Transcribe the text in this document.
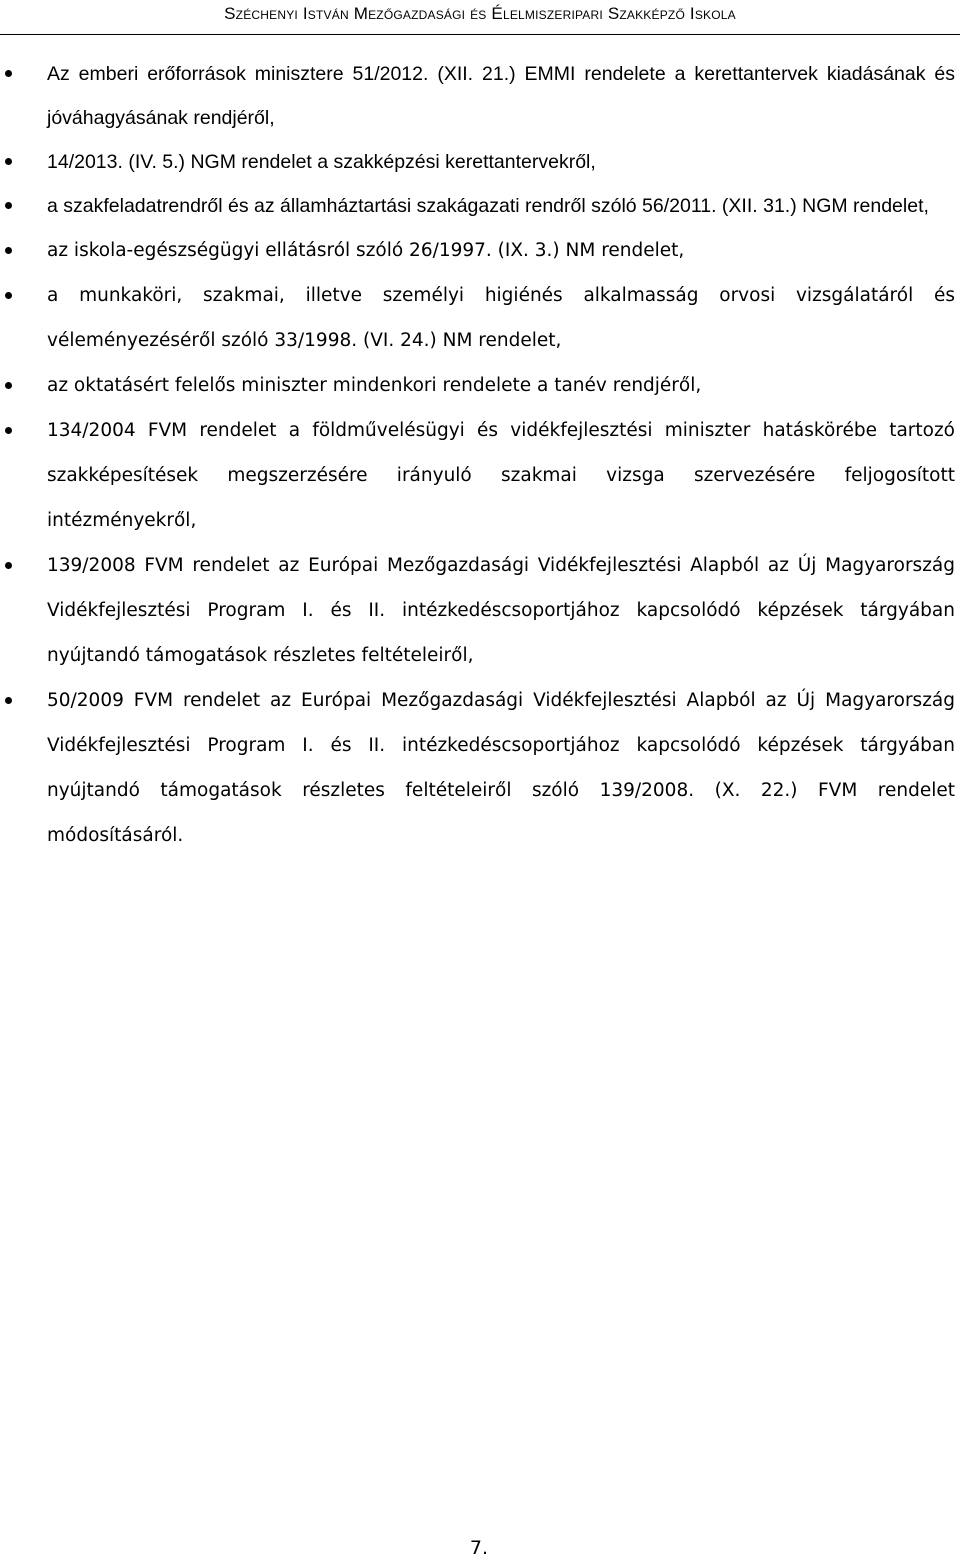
Széchenyi István Mezőgazdasági és Élelmiszeripari Szakképző Iskola
Az emberi erőforrások minisztere 51/2012. (XII. 21.) EMMI rendelete a kerettantervek kiadásának és jóváhagyásának rendjéről,
14/2013. (IV. 5.) NGM rendelet a szakképzési kerettantervekről,
a szakfeladatrendről és az államháztartási szakágazati rendről szóló 56/2011. (XII. 31.) NGM rendelet,
az iskola-egészségügyi ellátásról szóló 26/1997. (IX. 3.) NM rendelet,
a munkaköri, szakmai, illetve személyi higiénés alkalmasság orvosi vizsgálatáról és véleményezéséről szóló 33/1998. (VI. 24.) NM rendelet,
az oktatásért felelős miniszter mindenkori rendelete a tanév rendjéről,
134/2004 FVM rendelet a földművelésügyi és vidékfejlesztési miniszter hatáskörébe tartozó szakképesítések megszerzésére irányuló szakmai vizsga szervezésére feljogosított intézményekről,
139/2008 FVM rendelet az Európai Mezőgazdasági Vidékfejlesztési Alapból az Új Magyarország Vidékfejlesztési Program I. és II. intézkedéscsoportjához kapcsolódó képzések tárgyában nyújtandó támogatások részletes feltételeiről,
50/2009 FVM rendelet az Európai Mezőgazdasági Vidékfejlesztési Alapból az Új Magyarország Vidékfejlesztési Program I. és II. intézkedéscsoportjához kapcsolódó képzések tárgyában nyújtandó támogatások részletes feltételeiről szóló 139/2008. (X. 22.) FVM rendelet módosításáról.
7.
